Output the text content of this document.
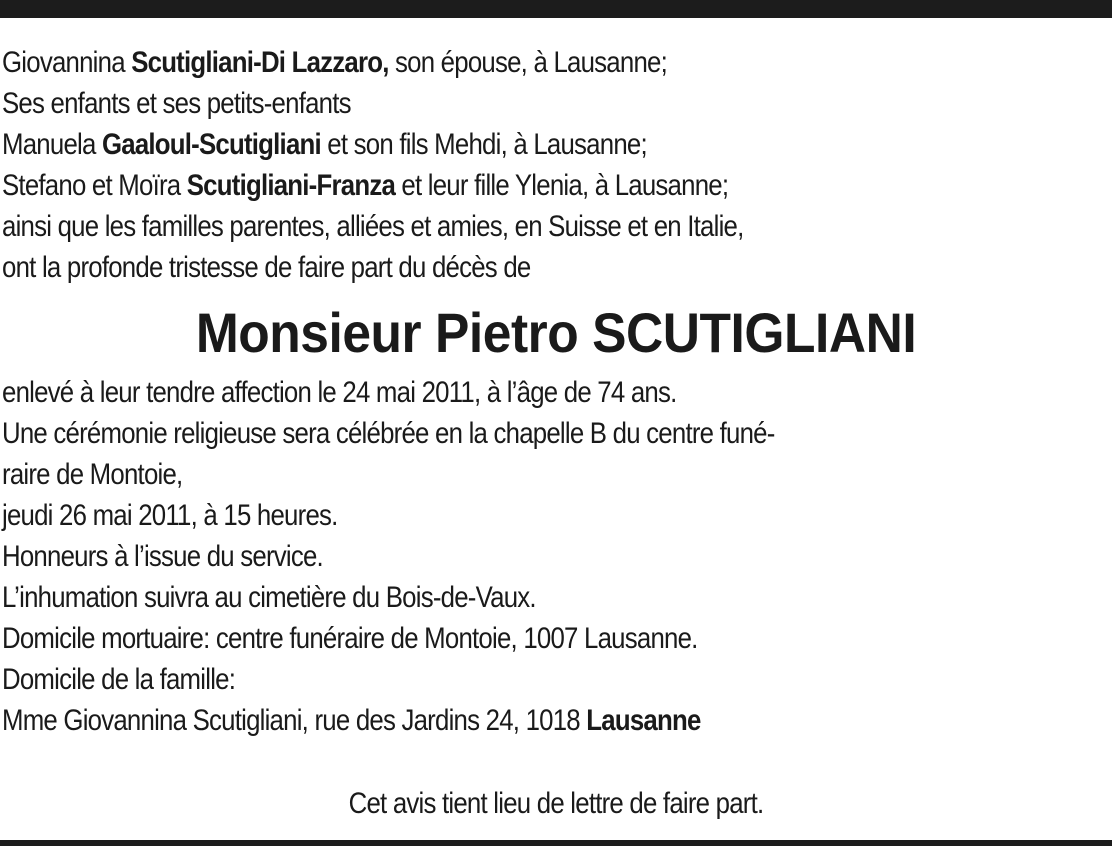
Giovannina Scutigliani-Di Lazzaro, son épouse, à Lausanne;
Ses enfants et ses petits-enfants
Manuela Gaaloul-Scutigliani et son fils Mehdi, à Lausanne;
Stefano et Moïra Scutigliani-Franza et leur fille Ylenia, à Lausanne;
ainsi que les familles parentes, alliées et amies, en Suisse et en Italie,
ont la profonde tristesse de faire part du décès de
Monsieur Pietro SCUTIGLIANI
enlevé à leur tendre affection le 24 mai 2011, à l’âge de 74 ans.
Une cérémonie religieuse sera célébrée en la chapelle B du centre funé-
raire de Montoie,
jeudi 26 mai 2011, à 15 heures.
Honneurs à l’issue du service.
L’inhumation suivra au cimetière du Bois-de-Vaux.
Domicile mortuaire: centre funéraire de Montoie, 1007 Lausanne.
Domicile de la famille:
Mme Giovannina Scutigliani, rue des Jardins 24, 1018 Lausanne
Cet avis tient lieu de lettre de faire part.
